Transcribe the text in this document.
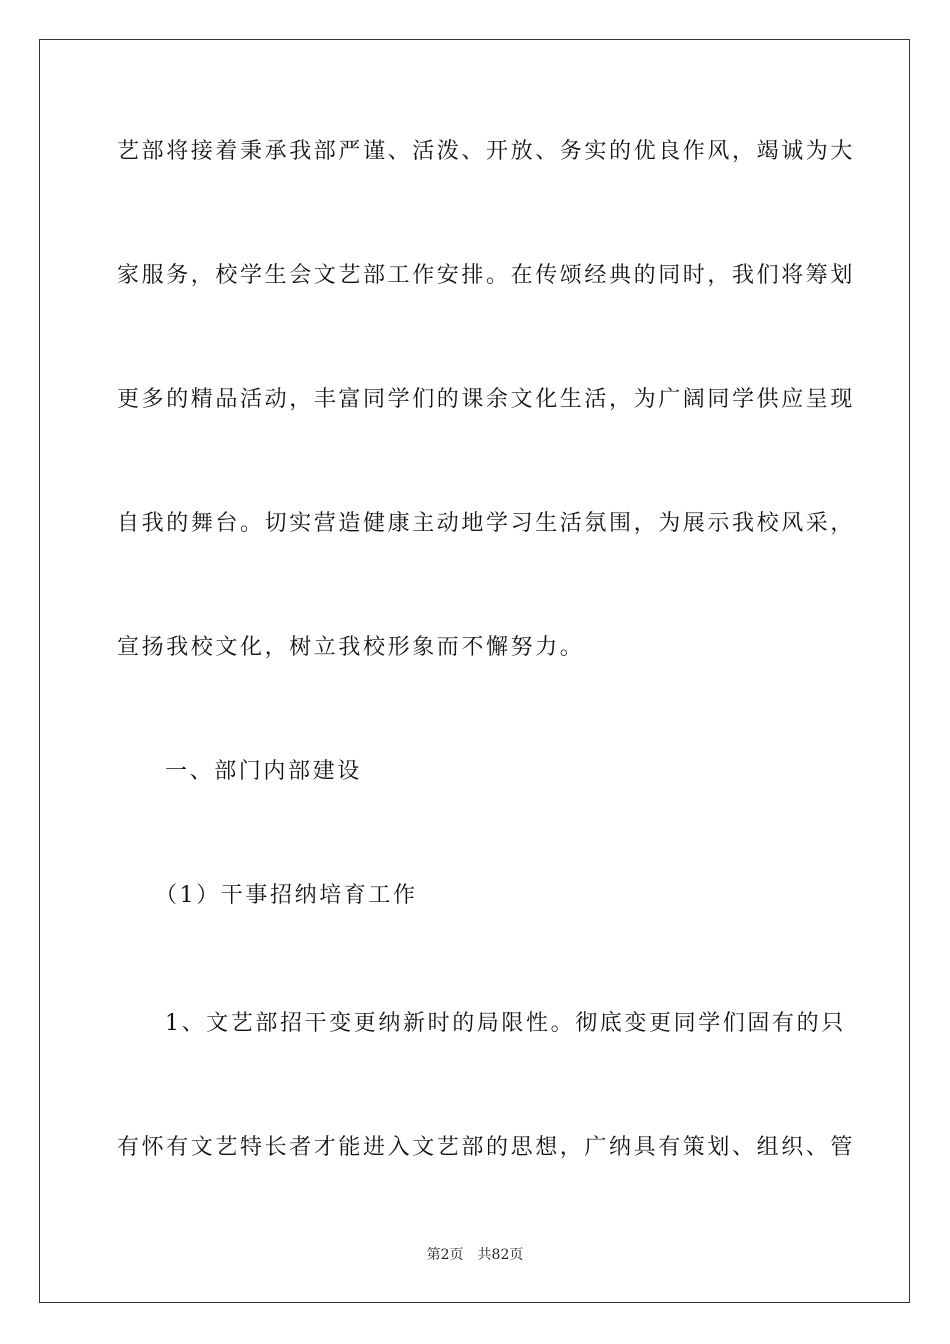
艺部将接着秉承我部严谨、活泼、开放、务实的优良作风，竭诚为大
家服务，校学生会文艺部工作安排。在传颂经典的同时，我们将筹划
更多的精品活动，丰富同学们的课余文化生活，为广阔同学供应呈现
自我的舞台。切实营造健康主动地学习生活氛围，为展示我校风采，
宣扬我校文化，树立我校形象而不懈努力。
一、部门内部建设
（1）干事招纳培育工作
1、文艺部招干变更纳新时的局限性。彻底变更同学们固有的只
有怀有文艺特长者才能进入文艺部的思想，广纳具有策划、组织、管
第2页 共82页
